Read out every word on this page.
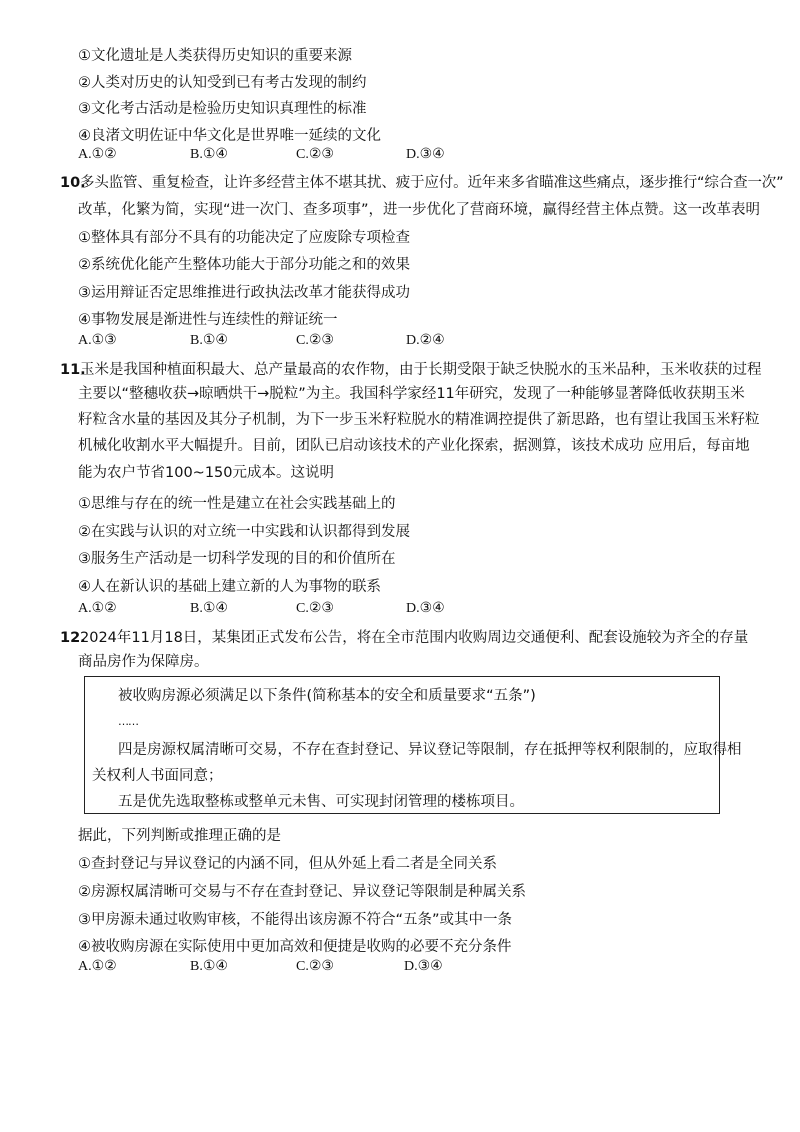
①文化遗址是人类获得历史知识的重要来源
②人类对历史的认知受到已有考古发现的制约
③文化考古活动是检验历史知识真理性的标准
④良渚文明佐证中华文化是世界唯一延续的文化
A.①②	B.①④	C.②③	D.③④
10.
多头监管、重复检查，让许多经营主体不堪其扰、疲于应付。近年来多省瞄准这些痛点，逐步推行“综合查一次”
改革，化繁为简，实现“进一次门、查多项事”，进一步优化了营商环境，赢得经营主体点赞。这一改革表明
①整体具有部分不具有的功能决定了应废除专项检查
②系统优化能产生整体功能大于部分功能之和的效果
③运用辩证否定思维推进行政执法改革才能获得成功
④事物发展是渐进性与连续性的辩证统一
A.①③	B.①④	C.②③	D.②④
11.
玉米是我国种植面积最大、总产量最高的农作物，由于长期受限于缺乏快脱水的玉米品种，玉米收获的过程
主要以“整穗收获→晾晒烘干→脱粒”为主。我国科学家经11年研究，发现了一种能够显著降低收获期玉米
籽粒含水量的基因及其分子机制，为下一步玉米籽粒脱水的精准调控提供了新思路，也有望让我国玉米籽粒
机械化收割水平大幅提升。目前，团队已启动该技术的产业化探索，据测算，该技术成功 应用后，每亩地
能为农户节省100~150元成本。这说明
①思维与存在的统一性是建立在社会实践基础上的
②在实践与认识的对立统一中实践和认识都得到发展
③服务生产活动是一切科学发现的目的和价值所在
④人在新认识的基础上建立新的人为事物的联系
A.①②	B.①④	C.②③	D.③④
12.
2024年11月18日，某集团正式发布公告，将在全市范围内收购周边交通便利、配套设施较为齐全的存量
商品房作为保障房。
被收购房源必须满足以下条件(简称基本的安全和质量要求“五条”)
……
四是房源权属清晰可交易，不存在查封登记、异议登记等限制，存在抵押等权利限制的，应取得相
关权利人书面同意；
五是优先选取整栋或整单元未售、可实现封闭管理的楼栋项目。
据此，下列判断或推理正确的是
①查封登记与异议登记的内涵不同，但从外延上看二者是全同关系
②房源权属清晰可交易与不存在查封登记、异议登记等限制是种属关系
③甲房源未通过收购审核，不能得出该房源不符合“五条”或其中一条
④被收购房源在实际使用中更加高效和便捷是收购的必要不充分条件
A.①②	B.①④	C.②③	D.③④
